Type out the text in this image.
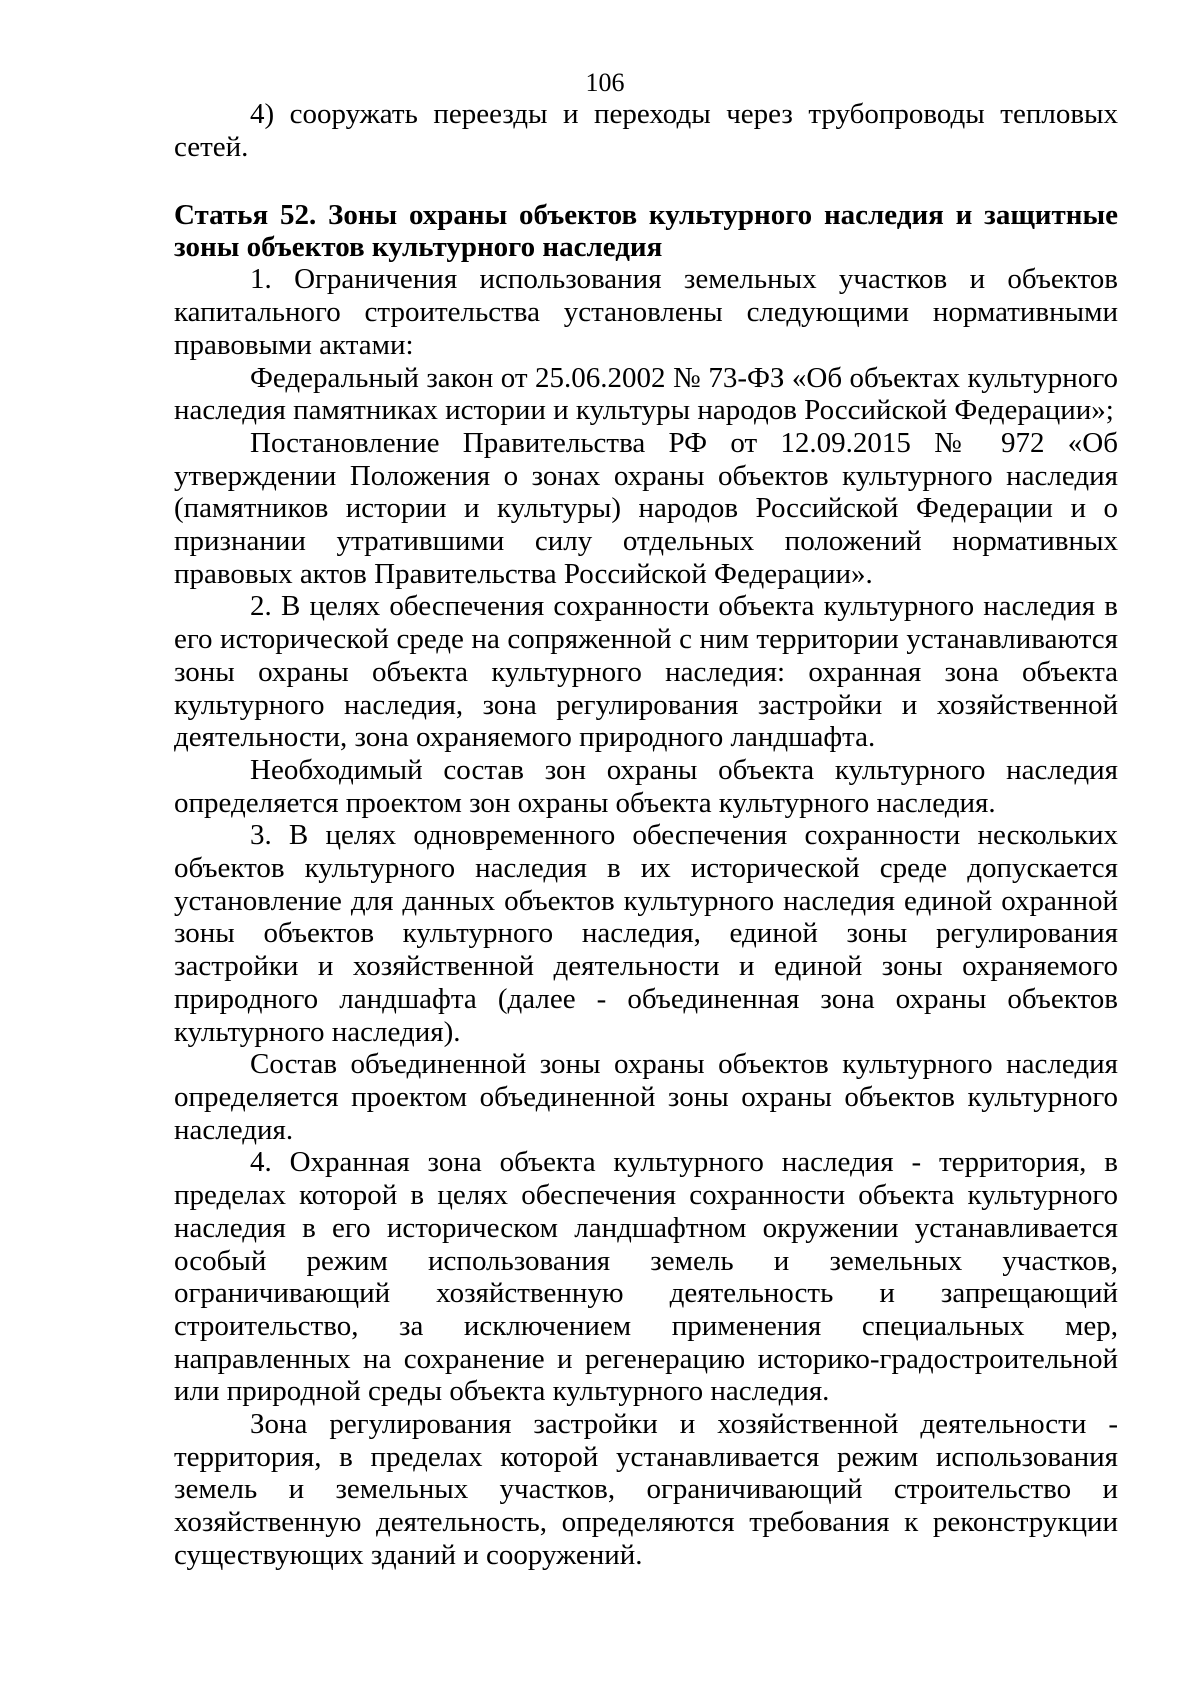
106

4) сооружать переезды и переходы через трубопроводы тепловых сетей.

Статья 52. Зоны охраны объектов культурного наследия и защитные зоны объектов культурного наследия

1. Ограничения использования земельных участков и объектов капитального строительства установлены следующими нормативными правовыми актами:

Федеральный закон от 25.06.2002 № 73-ФЗ «Об объектах культурного наследия памятниках истории и культуры народов Российской Федерации»;

Постановление Правительства РФ от 12.09.2015 № 972 «Об утверждении Положения о зонах охраны объектов культурного наследия (памятников истории и культуры) народов Российской Федерации и о признании утратившими силу отдельных положений нормативных правовых актов Правительства Российской Федерации».

2. В целях обеспечения сохранности объекта культурного наследия в его исторической среде на сопряженной с ним территории устанавливаются зоны охраны объекта культурного наследия: охранная зона объекта культурного наследия, зона регулирования застройки и хозяйственной деятельности, зона охраняемого природного ландшафта.

Необходимый состав зон охраны объекта культурного наследия определяется проектом зон охраны объекта культурного наследия.

3. В целях одновременного обеспечения сохранности нескольких объектов культурного наследия в их исторической среде допускается установление для данных объектов культурного наследия единой охранной зоны объектов культурного наследия, единой зоны регулирования застройки и хозяйственной деятельности и единой зоны охраняемого природного ландшафта (далее - объединенная зона охраны объектов культурного наследия).

Состав объединенной зоны охраны объектов культурного наследия определяется проектом объединенной зоны охраны объектов культурного наследия.

4. Охранная зона объекта культурного наследия - территория, в пределах которой в целях обеспечения сохранности объекта культурного наследия в его историческом ландшафтном окружении устанавливается особый режим использования земель и земельных участков, ограничивающий хозяйственную деятельность и запрещающий строительство, за исключением применения специальных мер, направленных на сохранение и регенерацию историко-градостроительной или природной среды объекта культурного наследия.

Зона регулирования застройки и хозяйственной деятельности - территория, в пределах которой устанавливается режим использования земель и земельных участков, ограничивающий строительство и хозяйственную деятельность, определяются требования к реконструкции существующих зданий и сооружений.
